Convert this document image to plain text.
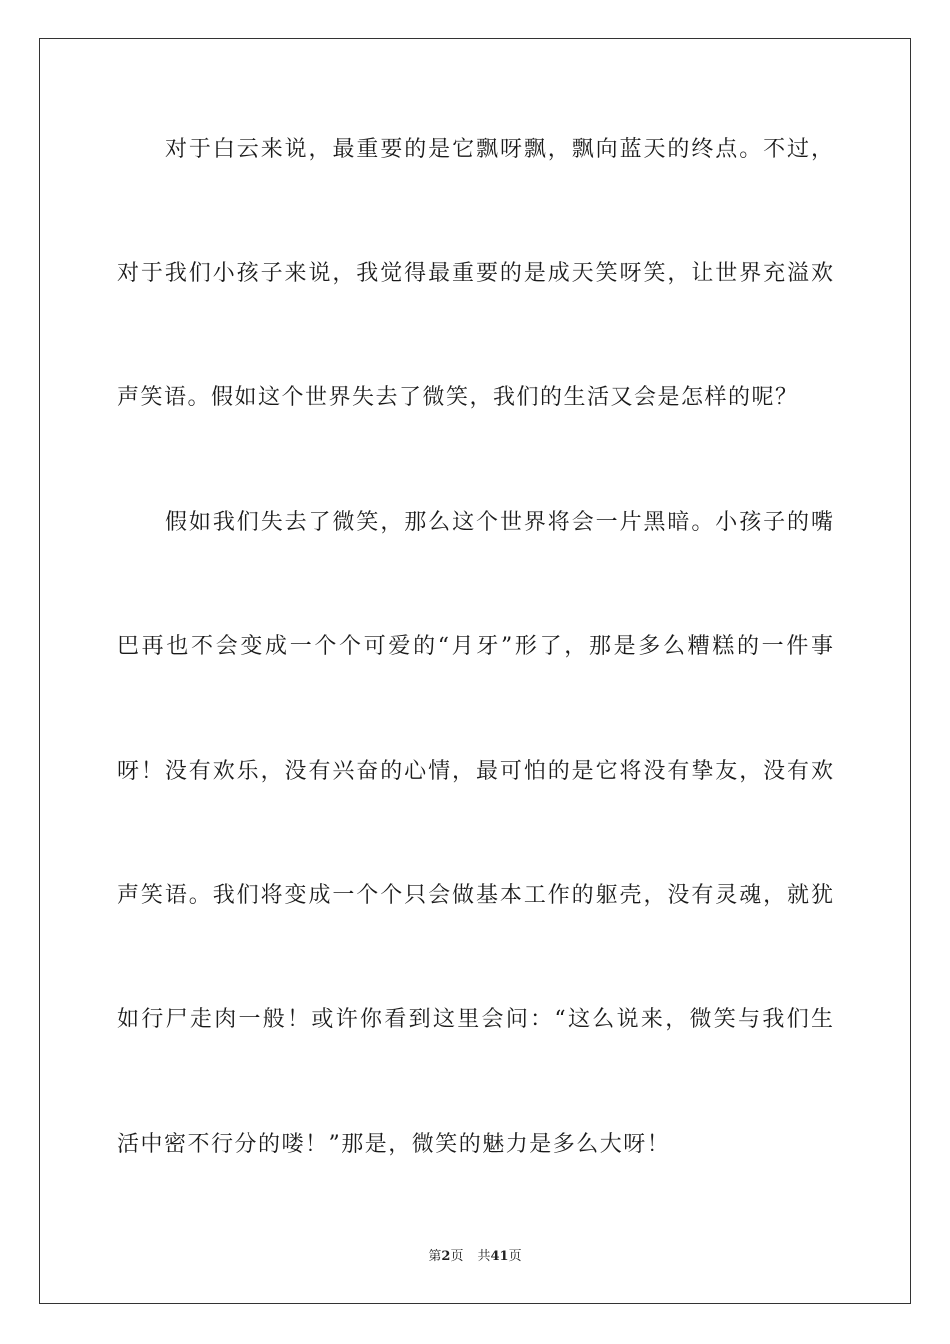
对于白云来说，最重要的是它飘呀飘，飘向蓝天的终点。不过，
对于我们小孩子来说，我觉得最重要的是成天笑呀笑，让世界充溢欢
声笑语。假如这个世界失去了微笑，我们的生活又会是怎样的呢？
假如我们失去了微笑，那么这个世界将会一片黑暗。小孩子的嘴
巴再也不会变成一个个可爱的“月牙”形了，那是多么糟糕的一件事
呀！没有欢乐，没有兴奋的心情，最可怕的是它将没有挚友，没有欢
声笑语。我们将变成一个个只会做基本工作的躯壳，没有灵魂，就犹
如行尸走肉一般！或许你看到这里会问：“这么说来，微笑与我们生
活中密不行分的喽！”那是，微笑的魅力是多么大呀！
第2页 共41页
